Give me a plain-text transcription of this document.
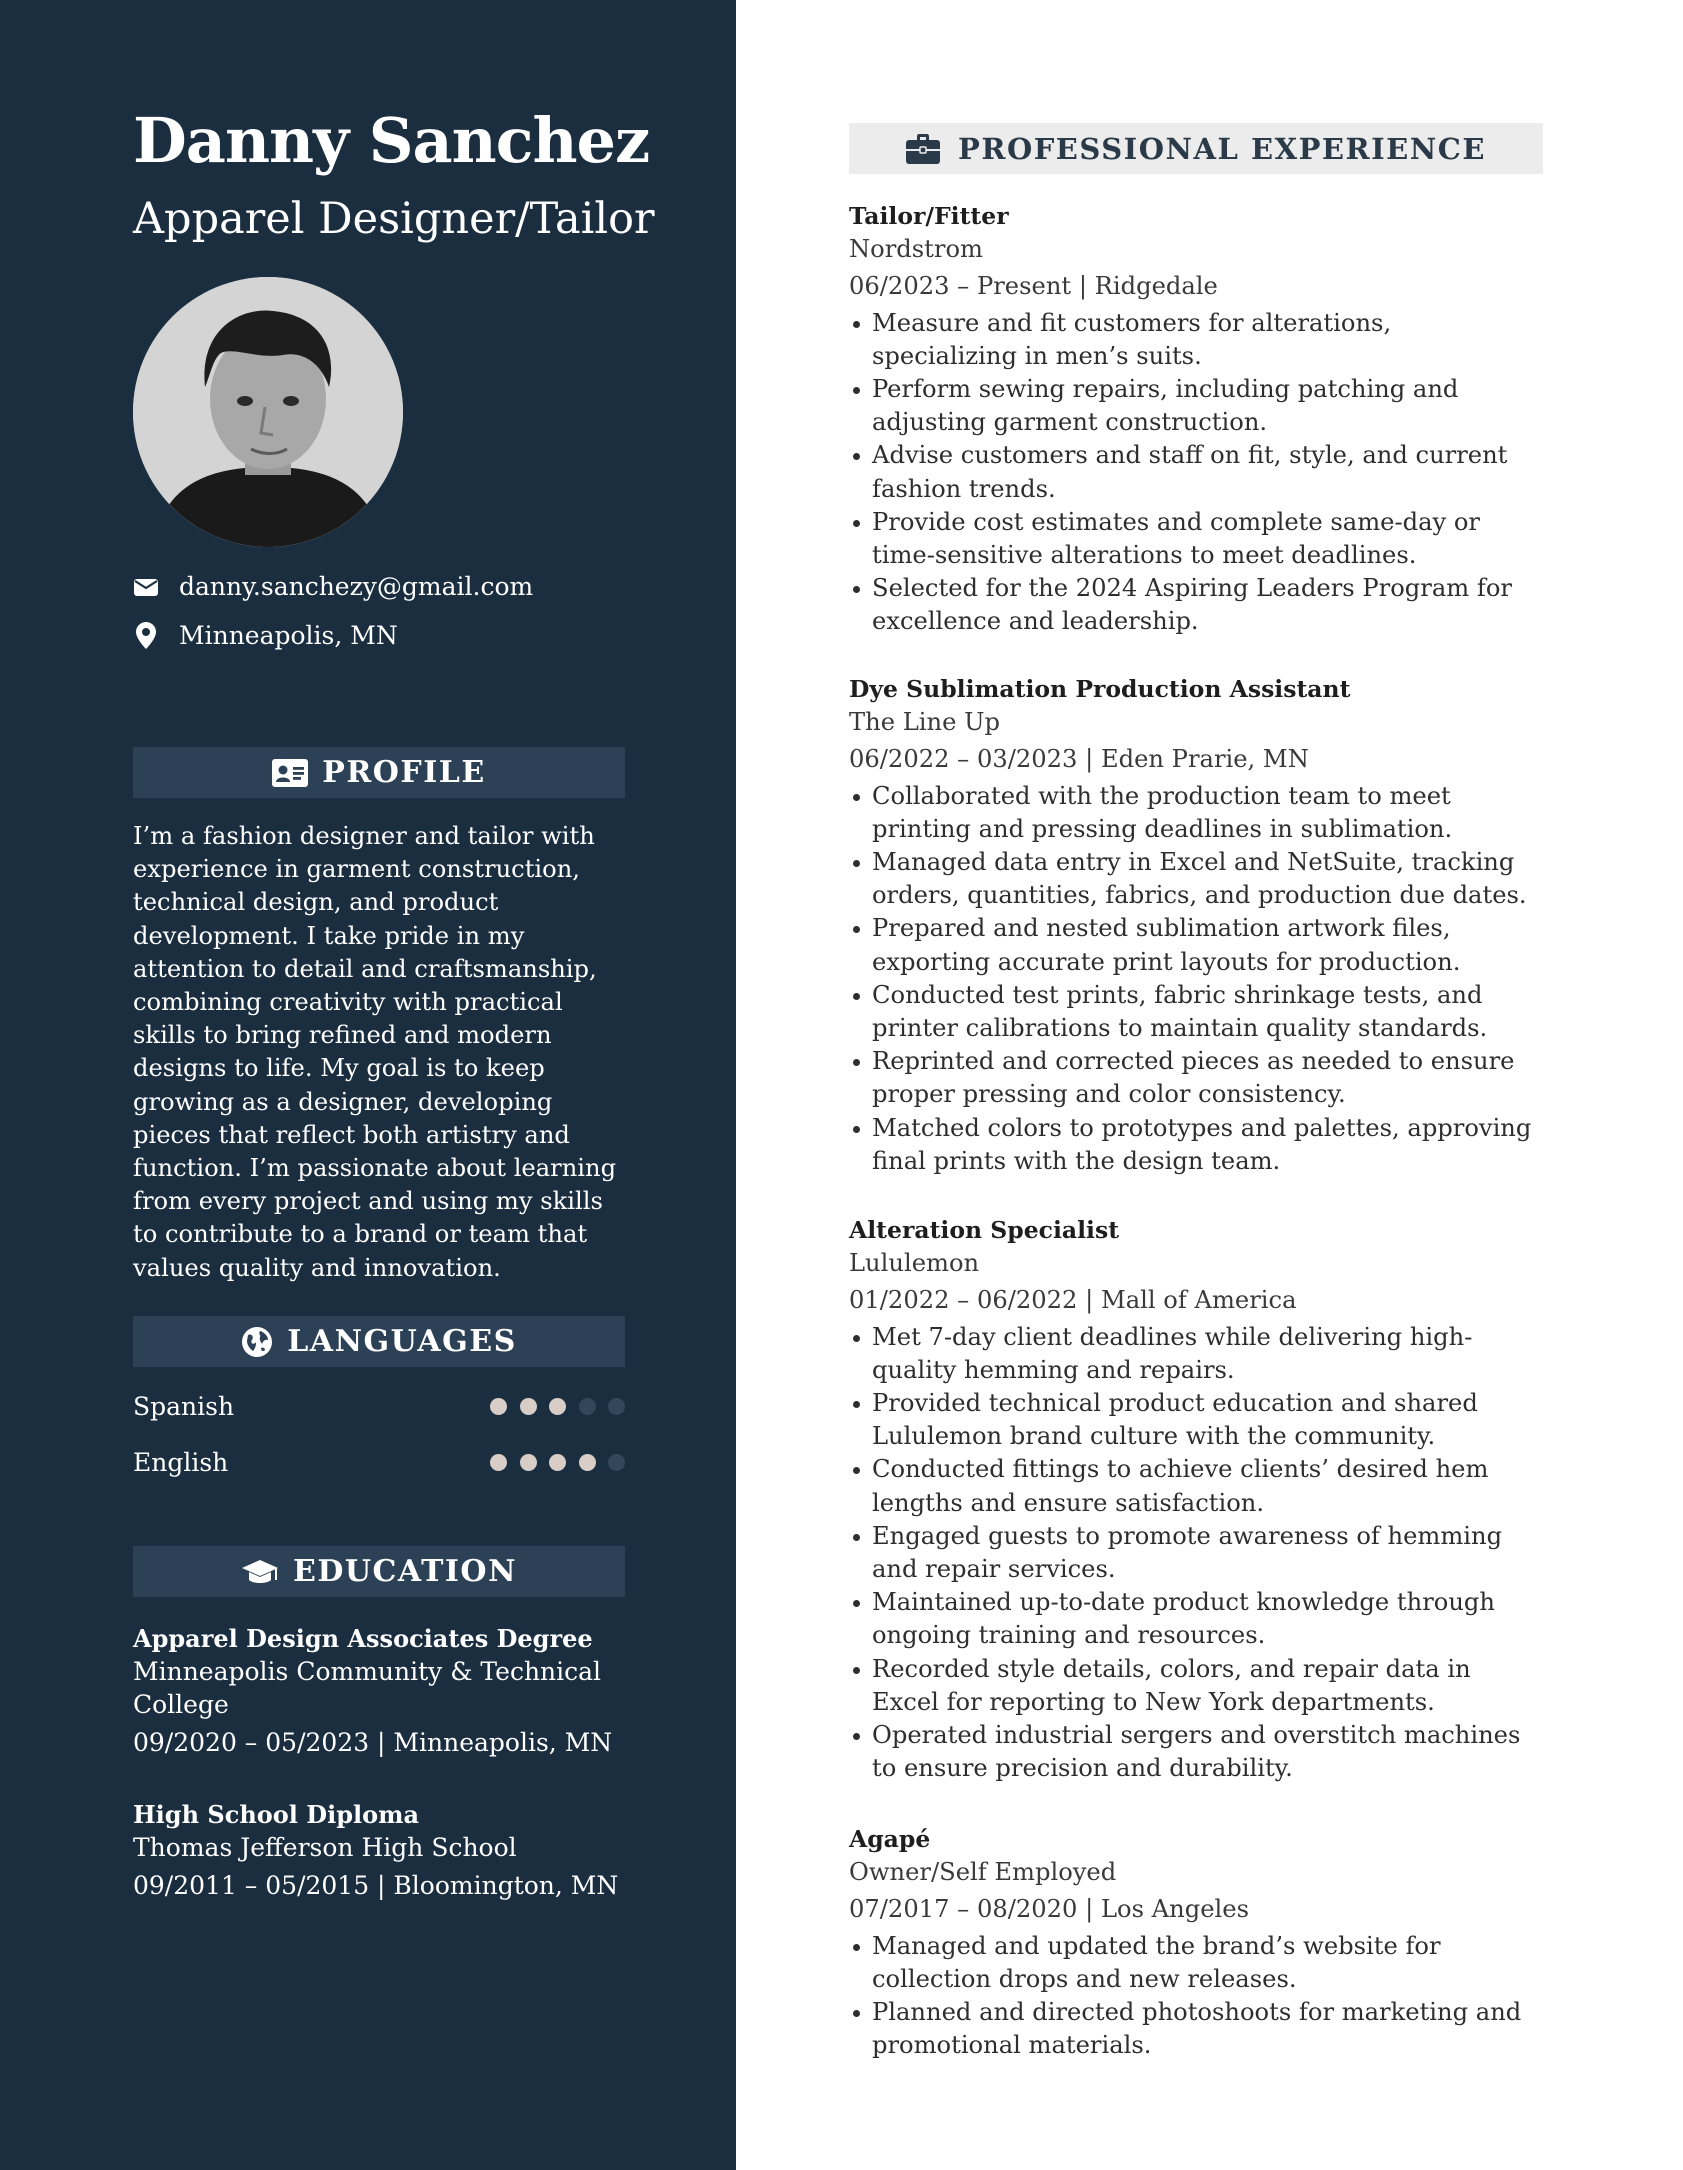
Danny Sanchez
Apparel Designer/Tailor
danny.sanchezy@gmail.com
Minneapolis, MN
PROFILE
I’m a fashion designer and tailor with experience in garment construction, technical design, and product development. I take pride in my attention to detail and craftsmanship, combining creativity with practical skills to bring refined and modern designs to life. My goal is to keep growing as a designer, developing pieces that reflect both artistry and function. I’m passionate about learning from every project and using my skills to contribute to a brand or team that values quality and innovation.
LANGUAGES
Spanish
English
EDUCATION
Apparel Design Associates Degree
Minneapolis Community & Technical College
09/2020 – 05/2023 | Minneapolis, MN
High School Diploma
Thomas Jefferson High School
09/2011 – 05/2015 | Bloomington, MN
PROFESSIONAL EXPERIENCE
Tailor/Fitter
Nordstrom
06/2023 – Present | Ridgedale
Measure and fit customers for alterations, specializing in men’s suits.
Perform sewing repairs, including patching and adjusting garment construction.
Advise customers and staff on fit, style, and current fashion trends.
Provide cost estimates and complete same-day or time-sensitive alterations to meet deadlines.
Selected for the 2024 Aspiring Leaders Program for excellence and leadership.
Dye Sublimation Production Assistant
The Line Up
06/2022 – 03/2023 | Eden Prarie, MN
Collaborated with the production team to meet printing and pressing deadlines in sublimation.
Managed data entry in Excel and NetSuite, tracking orders, quantities, fabrics, and production due dates.
Prepared and nested sublimation artwork files, exporting accurate print layouts for production.
Conducted test prints, fabric shrinkage tests, and printer calibrations to maintain quality standards.
Reprinted and corrected pieces as needed to ensure proper pressing and color consistency.
Matched colors to prototypes and palettes, approving final prints with the design team.
Alteration Specialist
Lululemon
01/2022 – 06/2022 | Mall of America
Met 7-day client deadlines while delivering high-quality hemming and repairs.
Provided technical product education and shared Lululemon brand culture with the community.
Conducted fittings to achieve clients’ desired hem lengths and ensure satisfaction.
Engaged guests to promote awareness of hemming and repair services.
Maintained up-to-date product knowledge through ongoing training and resources.
Recorded style details, colors, and repair data in Excel for reporting to New York departments.
Operated industrial sergers and overstitch machines to ensure precision and durability.
Agapé
Owner/Self Employed
07/2017 – 08/2020 | Los Angeles
Managed and updated the brand’s website for collection drops and new releases.
Planned and directed photoshoots for marketing and promotional materials.
